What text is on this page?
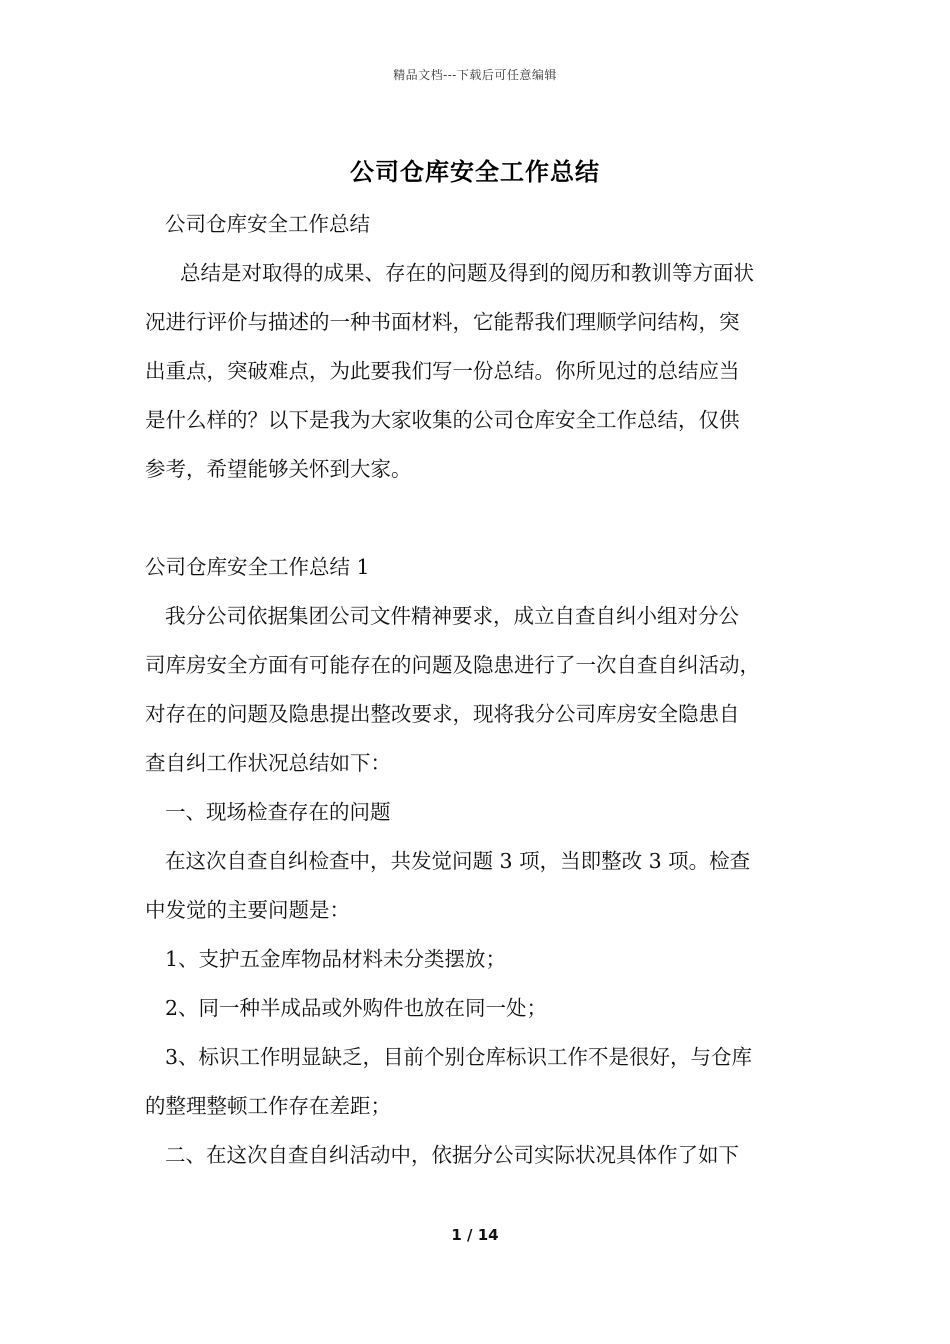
精品文档---下载后可任意编辑
公司仓库安全工作总结
公司仓库安全工作总结
总结是对取得的成果、存在的问题及得到的阅历和教训等方面状
况进行评价与描述的一种书面材料，它能帮我们理顺学问结构，突
出重点，突破难点，为此要我们写一份总结。你所见过的总结应当
是什么样的？以下是我为大家收集的公司仓库安全工作总结，仅供
参考，希望能够关怀到大家。
公司仓库安全工作总结 1
我分公司依据集团公司文件精神要求，成立自查自纠小组对分公
司库房安全方面有可能存在的问题及隐患进行了一次自查自纠活动，
对存在的问题及隐患提出整改要求，现将我分公司库房安全隐患自
查自纠工作状况总结如下：
一、现场检查存在的问题
在这次自查自纠检查中，共发觉问题 3 项，当即整改 3 项。检查
中发觉的主要问题是：
1、支护五金库物品材料未分类摆放；
2、同一种半成品或外购件也放在同一处；
3、标识工作明显缺乏，目前个别仓库标识工作不是很好，与仓库
的整理整顿工作存在差距；
二、在这次自查自纠活动中，依据分公司实际状况具体作了如下
1 / 14
